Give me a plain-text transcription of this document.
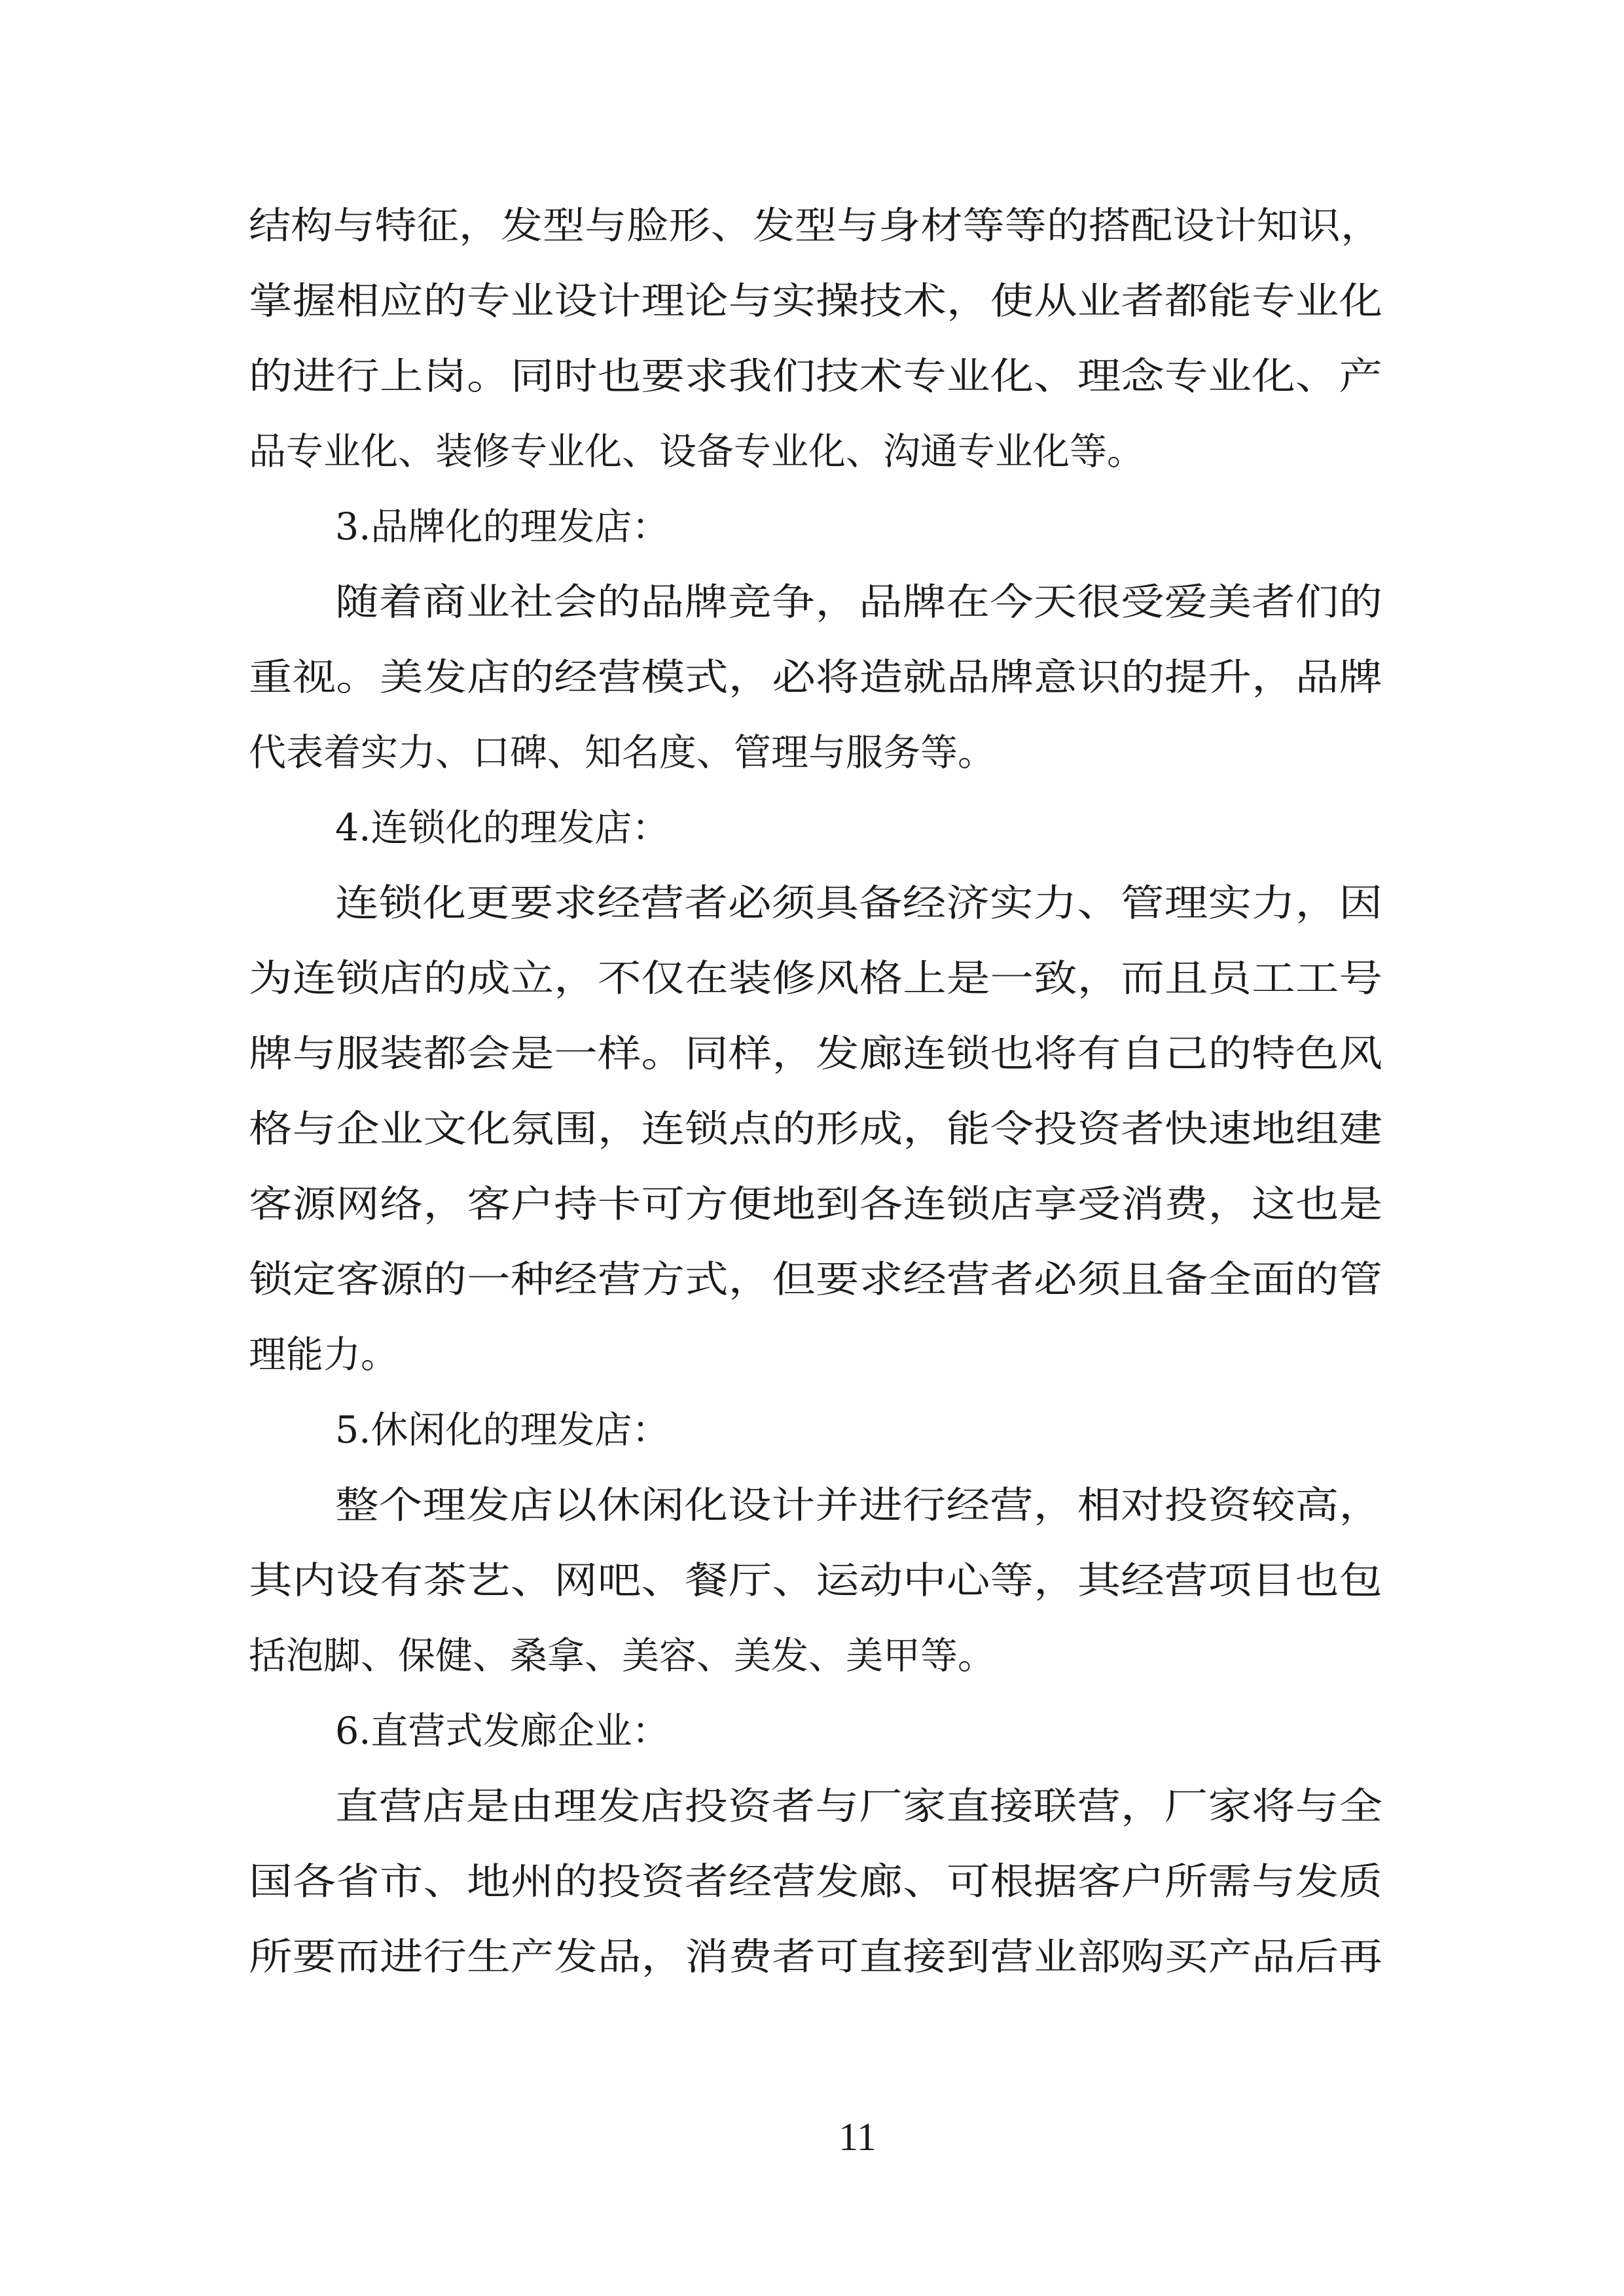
结构与特征，发型与脸形、发型与身材等等的搭配设计知识，
掌握相应的专业设计理论与实操技术，使从业者都能专业化
的进行上岗。同时也要求我们技术专业化、理念专业化、产
品专业化、装修专业化、设备专业化、沟通专业化等。
3.品牌化的理发店：
随着商业社会的品牌竞争，品牌在今天很受爱美者们的
重视。美发店的经营模式，必将造就品牌意识的提升，品牌
代表着实力、口碑、知名度、管理与服务等。
4.连锁化的理发店：
连锁化更要求经营者必须具备经济实力、管理实力，因
为连锁店的成立，不仅在装修风格上是一致，而且员工工号
牌与服装都会是一样。同样，发廊连锁也将有自己的特色风
格与企业文化氛围，连锁点的形成，能令投资者快速地组建
客源网络，客户持卡可方便地到各连锁店享受消费，这也是
锁定客源的一种经营方式，但要求经营者必须且备全面的管
理能力。
5.休闲化的理发店：
整个理发店以休闲化设计并进行经营，相对投资较高，
其内设有茶艺、网吧、餐厅、运动中心等，其经营项目也包
括泡脚、保健、桑拿、美容、美发、美甲等。
6.直营式发廊企业：
直营店是由理发店投资者与厂家直接联营，厂家将与全
国各省市、地州的投资者经营发廊、可根据客户所需与发质
所要而进行生产发品，消费者可直接到营业部购买产品后再
11
